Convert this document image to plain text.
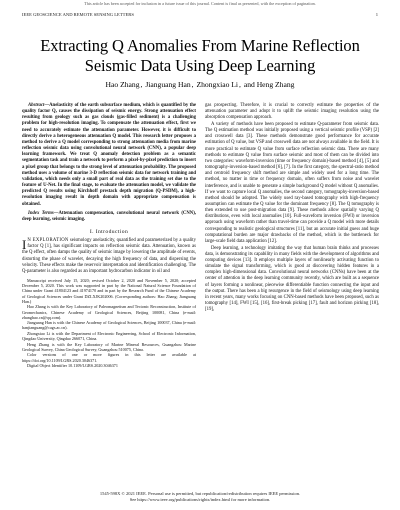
This article has been accepted for inclusion in a future issue of this journal. Content is final as presented, with the exception of pagination.
IEEE GEOSCIENCE AND REMOTE SENSING LETTERS	1
Extracting Q Anomalies From Marine Reflection
Seismic Data Using Deep Learning
Hao Zhang, Jianguang Han, Zhongxiao Li, and Heng Zhang

Abstract—Anelasticity of the earth subsurface medium, which is quantified by the quality factor Q, causes the dissipation of seismic energy. Strong attenuation effect resulting from geology such as gas clouds (gas-filled sediment) is a challenging problem for high-resolution imaging. To compensate the attenuation effect, first we need to accurately estimate the attenuation parameter. However, it is difficult to directly derive a heterogeneous attenuation Q model. This research letter proposes a method to derive a Q model corresponding to strong attenuation media from marine reflection seismic data using convolutional neural network (CNN), a popular deep learning framework. We treat Q anomaly detection problem as a semantic segmentation task and train a network to perform a pixel-by-pixel prediction to insert a pixel group that belongs to the strong level of attenuation probability. The proposed method uses a volume of marine 3-D reflection seismic data for network training and validation, which needs only a small part of real data as the training set due to the feature of U-Net. In the final stage, to evaluate the attenuation model, we validate the predicted Q results using Kirchhoff prestack depth migration (Q-PSDM), a high-resolution imaging result in depth domain with appropriate compensation is obtained.

Index Terms—Attenuation compensation, convolutional neural network (CNN), deep learning, seismic imaging.

I. Introduction

I N EXPLORATION seismology anelasticity, quantified and parameterized by a quality factor Q [1], has significant impacts on reflection seismic data. Attenuation, known as the Q effect, often damps the quality of seismic image by lowering the amplitude of events, distorting the phase of wavelet, decaying the high frequency of data, and dispersing the velocity. These effects make the reservoir interpretation and identification challenging. The Q-parameter is also regarded as an important hydrocarbon indicator in oil and

Manuscript received July 15, 2020; revised October 2, 2020 and November 5, 2020; accepted December 5, 2020. This work was supported in part by the National Natural Science Foundation of China under Grant 41804123 and 41974170 and in part by the Research Fund of the Chinese Academy of Geological Sciences under Grant DZLXJK202006. (Corresponding authors: Hao Zhang; Jianguang Han.)

Hao Zhang is with the Key Laboratory of Paleomagnetism and Tectonic Reconstruction, Institute of Geomechanics, Chinese Academy of Geological Sciences, Beijing 100081, China (e-mail: zhanghao.cn@qq.com).

Jianguang Han is with the Chinese Academy of Geological Sciences, Beijing 100037, China (e-mail: hanjianguang@cags.ac.cn).

Zhongxiao Li is with the Department of Electronic Engineering, School of Electronic Information, Qingdao University, Qingdao 266071, China.

Heng Zhang is with the Key Laboratory of Marine Mineral Resources, Guangzhou Marine Geological Survey, China Geological Survey, Guangzhou 510075, China.

Color versions of one or more figures in this letter are available at https://doi.org/10.1109/LGRS.2020.3046371.

Digital Object Identifier 10.1109/LGRS.2020.3046371

gas prospecting. Therefore, it is crucial to correctly estimate the properties of the attenuation parameter and adopt it to uplift the seismic imaging resolution using the absorption compensation approach.

A variety of methods have been proposed to estimate Q-parameter from seismic data. The Q estimation method was initially proposed using a vertical seismic profile (VSP) [2] and crosswell data [3]. These methods demonstrate good performance for accurate estimation of Q value, but VSP and crosswell data are not always available in the field. It is more practical to estimate Q value from surface reflection seismic data. There are many methods to estimate Q value from surface seismic and most of them can be divided into two categories: waveform-inversion (time or frequency domain)-based method [4], [5] and tomography-inversion-based method [6], [7]. In the first category, the spectral-ratio method and centroid frequency shift method are simple and widely used for a long time. The method, no matter in time or frequency domain, often suffers from noise and wavelet interference, and is unable to generate a simple background Q model without Q anomalies. If we want to capture local Q anomalies, the second category, tomography-inversion-based method should be adopted. The widely used ray-based tomography with high-frequency assumption can estimate the Q value for the dominant frequency [8]. The Q tomography is then extended to use post-migration data [9]. These methods allow spatially varying Q distributions, even with local anomalies [10]. Full-waveform inversion (FWI) or inversion approach using waveform rather than travel-time can provide a Q model with more details corresponding to realistic geological structures [11], but an accurate initial guess and huge computational burden are major drawbacks of the method, which is the bottleneck for large-scale field data application [12].

Deep learning, a technology imitating the way that human brain thinks and processes data, is demonstrating its capability in many fields with the development of algorithms and computing devices [13]. It employs multiple layers of nonlinearly activating function to simulate the signal transforming, which is good at discovering hidden features in a complex high-dimensional data. Convolutional neural networks (CNNs) have been at the center of attention in the deep learning community recently, which are built as a sequence of layers forming a nonlinear, piecewise differentiable function connecting the input and the output. There has been a big resurgence in the field of seismology using deep learning in recent years, many works focusing on CNN-based methods have been proposed, such as tomography [14], FWI [15], [16], first-break picking [17], fault and horizon picking [18], [19],

1545-598X © 2021 IEEE. Personal use is permitted, but republication/redistribution requires IEEE permission.
See https://www.ieee.org/publications/rights/index.html for more information.
